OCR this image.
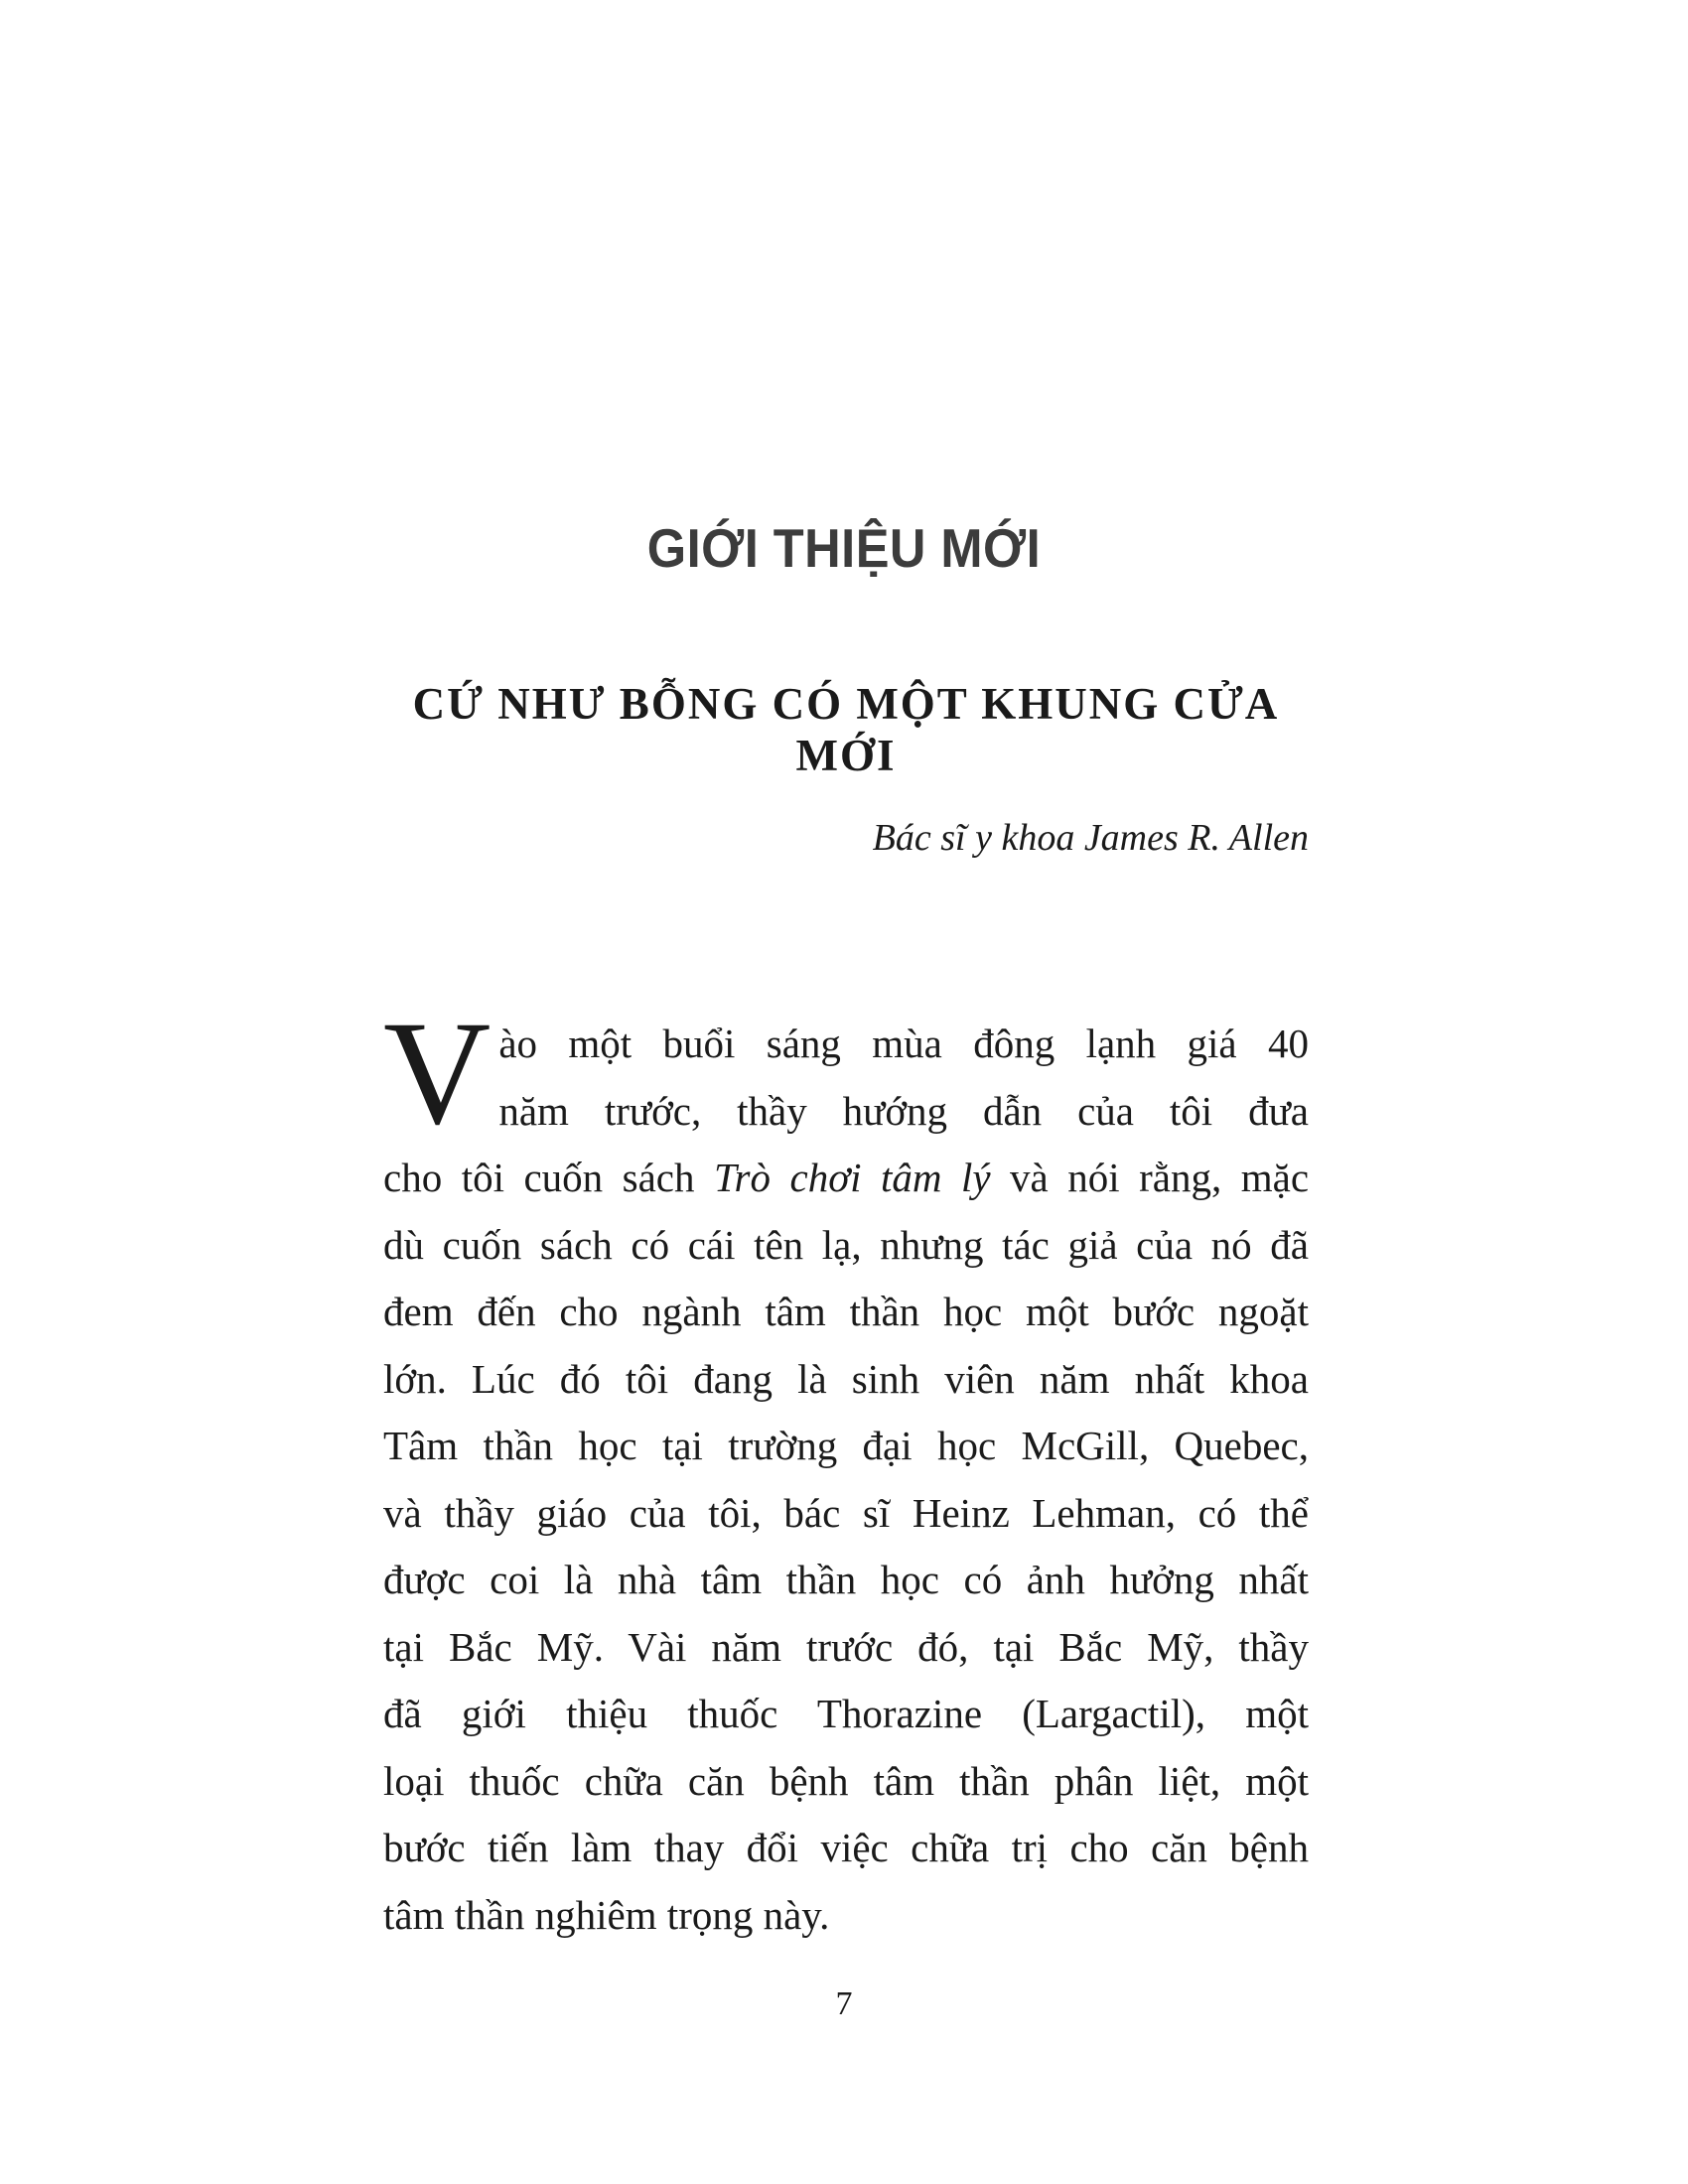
GIỚI THIỆU MỚI
CỨ NHƯ BỖNG CÓ MỘT KHUNG CỬA MỚI

Bác sĩ y khoa James R. Allen

V ào một buổi sáng mùa đông lạnh giá 40
năm trước, thầy hướng dẫn của tôi đưa
cho tôi cuốn sách Trò chơi tâm lý và nói rằng, mặc
dù cuốn sách có cái tên lạ, nhưng tác giả của nó đã
đem đến cho ngành tâm thần học một bước ngoặt
lớn. Lúc đó tôi đang là sinh viên năm nhất khoa
Tâm thần học tại trường đại học McGill, Quebec,
và thầy giáo của tôi, bác sĩ Heinz Lehman, có thể
được coi là nhà tâm thần học có ảnh hưởng nhất
tại Bắc Mỹ. Vài năm trước đó, tại Bắc Mỹ, thầy
đã giới thiệu thuốc Thorazine (Largactil), một
loại thuốc chữa căn bệnh tâm thần phân liệt, một
bước tiến làm thay đổi việc chữa trị cho căn bệnh
tâm thần nghiêm trọng này.
7
